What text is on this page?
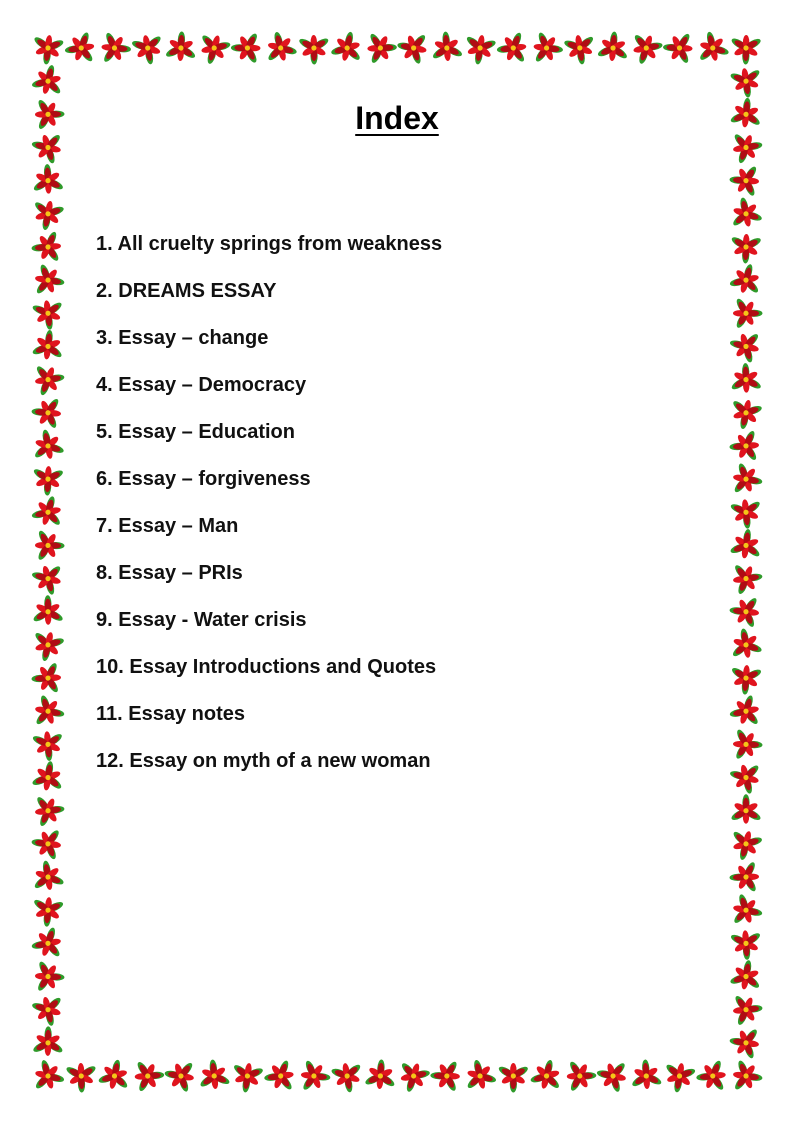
Index
1. All cruelty springs from weakness
2. DREAMS ESSAY
3. Essay – change
4. Essay – Democracy
5. Essay – Education
6. Essay – forgiveness
7. Essay – Man
8. Essay – PRIs
9. Essay - Water crisis
10. Essay Introductions and Quotes
11. Essay notes
12. Essay on myth of a new woman
